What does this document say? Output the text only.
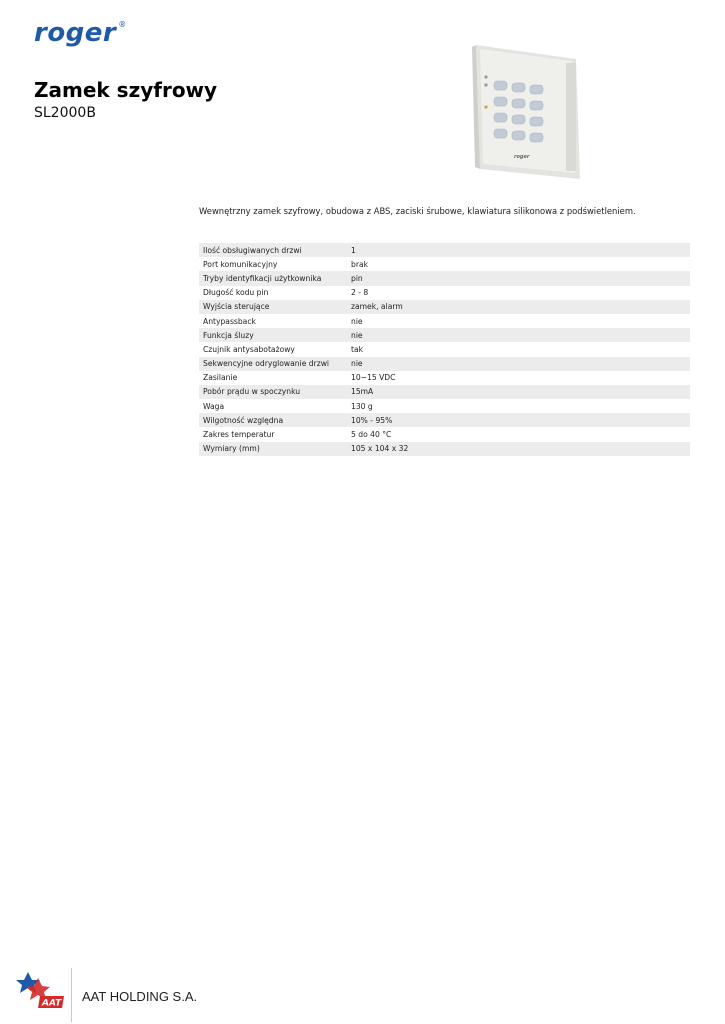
roger ®
Zamek szyfrowy
SL2000B
roger
Wewnętrzny zamek szyfrowy, obudowa z ABS, zaciski śrubowe, klawiatura silikonowa z podświetleniem.
Ilość obsługiwanych drzwi	1
Port komunikacyjny	brak
Tryby identyfikacji użytkownika	pin
Długość kodu pin	2 - 8
Wyjścia sterujące	zamek, alarm
Antypassback	nie
Funkcja śluzy	nie
Czujnik antysabotażowy	tak
Sekwencyjne odryglowanie drzwi	nie
Zasilanie	10~15 VDC
Pobór prądu w spoczynku	15mA
Waga	130 g
Wilgotność względna	10% - 95%
Zakres temperatur	5 do 40 °C
Wymiary (mm)	105 x 104 x 32
AAT AAT HOLDING S.A.
